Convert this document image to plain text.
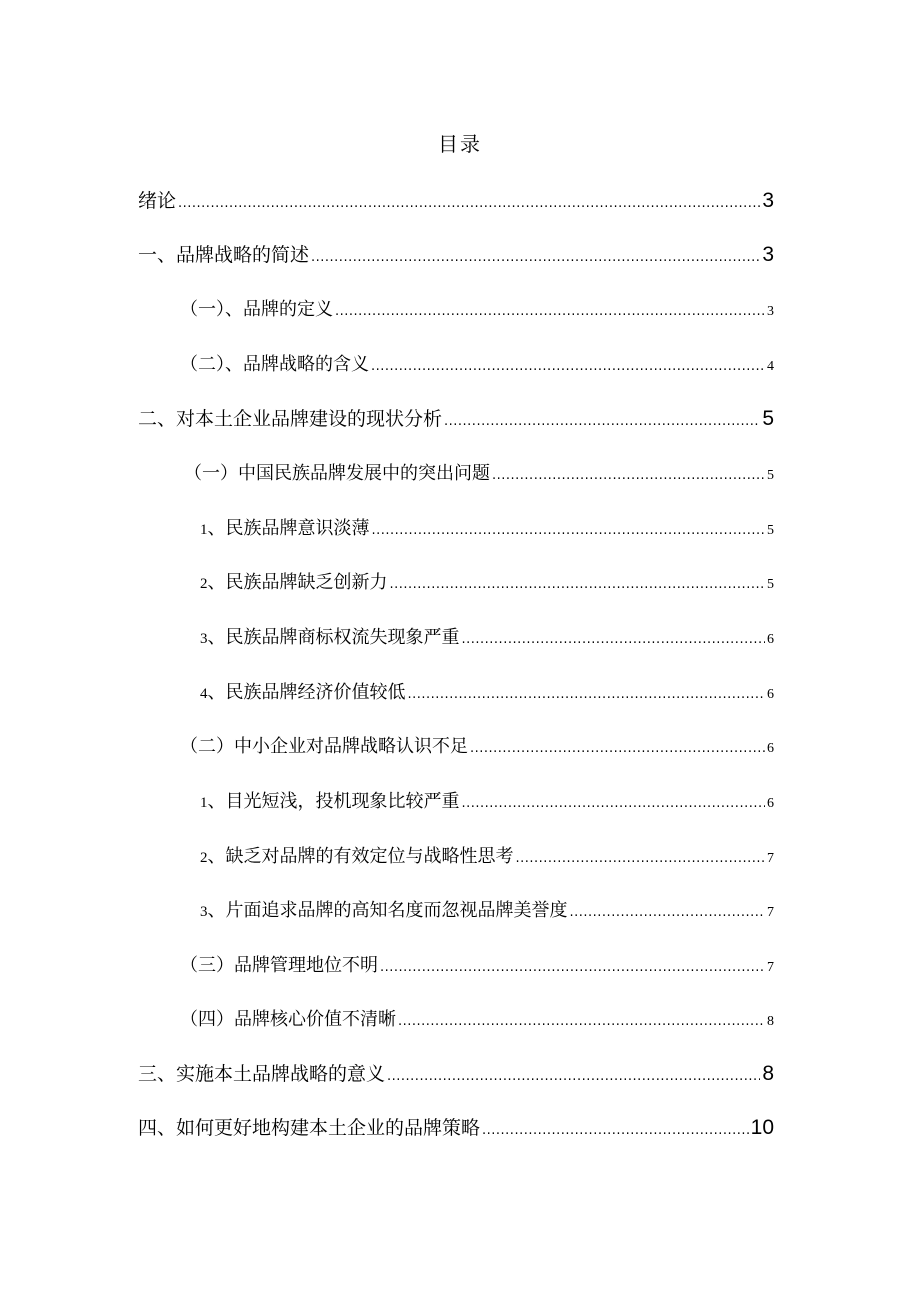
目录
绪论 .....	3
一、品牌战略的简述 .....	3
（一）、品牌的定义 .....	3
（二）、品牌战略的含义 .....	4
二、对本土企业品牌建设的现状分析 .....	5
（一）中国民族品牌发展中的突出问题 .....	5
1、民族品牌意识淡薄 .....	5
2、民族品牌缺乏创新力 .....	5
3、民族品牌商标权流失现象严重 .....	6
4、民族品牌经济价值较低 .....	6
（二）中小企业对品牌战略认识不足 .....	6
1、目光短浅，投机现象比较严重 .....	6
2、缺乏对品牌的有效定位与战略性思考 .....	7
3、片面追求品牌的高知名度而忽视品牌美誉度 .....	7
（三）品牌管理地位不明 .....	7
（四）品牌核心价值不清晰 .....	8
三、实施本土品牌战略的意义 .....	8
四、如何更好地构建本土企业的品牌策略 .....	10
